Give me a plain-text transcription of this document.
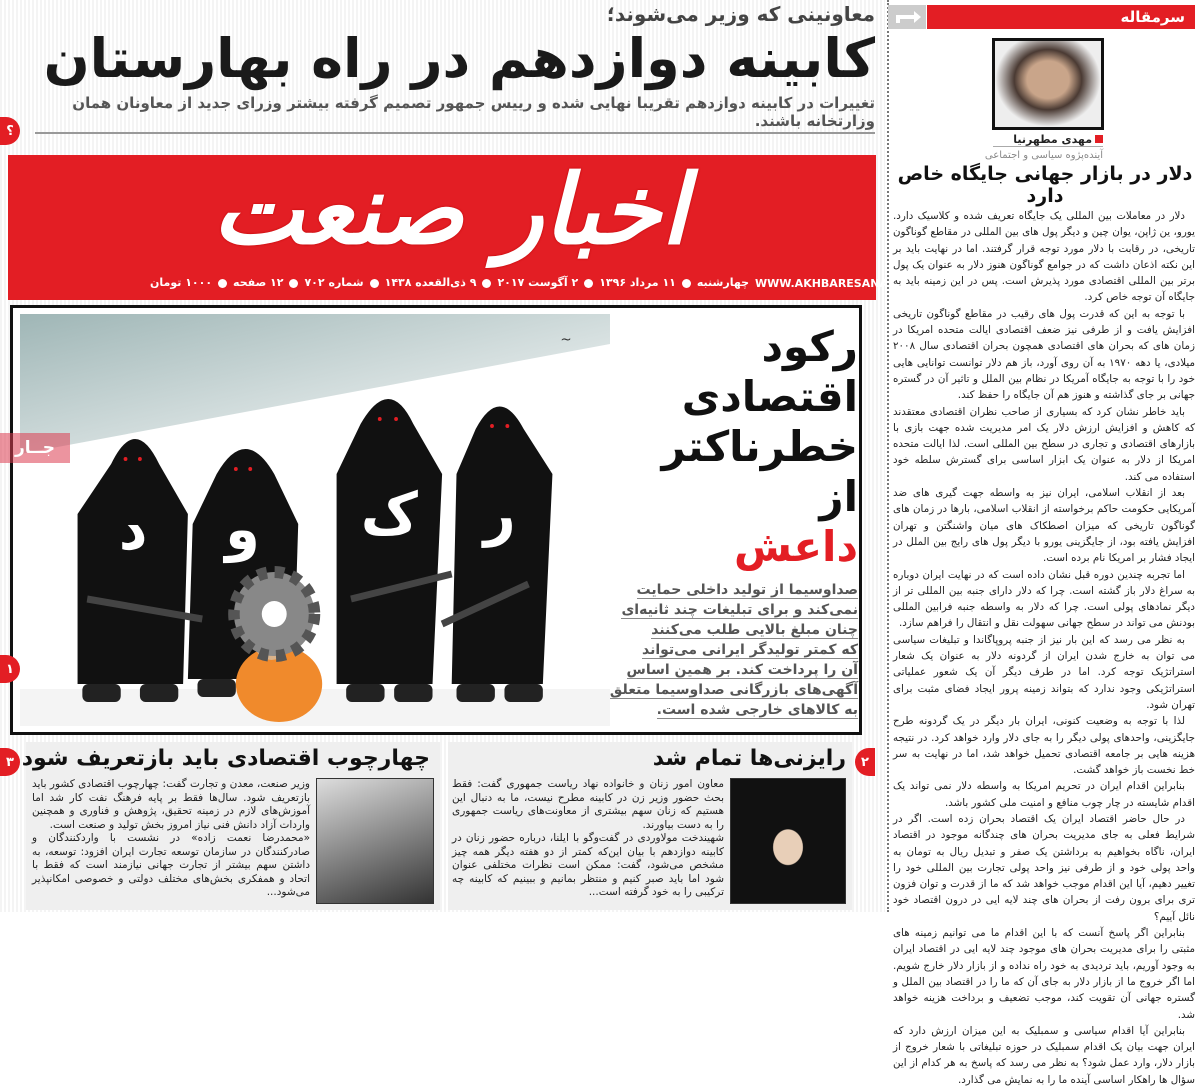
معاونینی که وزیر می‌شوند؛
کابینه دوازدهم در راه بهارستان
تغییرات در کابینه دوازدهم تقریبا نهایی شده و رییس جمهور تصمیم گرفته بیشتر وزرای جدید از معاونان همان وزارتخانه باشند.
؟
اخبار صنعت
WWW.AKHBARESANAT.IR
چهارشنبه
۱۱ مرداد ۱۳۹۶
۲ آگوست ۲۰۱۷
۹ ذی‌القعده ۱۴۳۸
شماره ۷۰۲
۱۲ صفحه
۱۰۰۰ تومان
د و ک ر
~
جــار
۱
رکود اقتصادی خطرناکتر از
داعش
صداوسیما از تولید داخلی حمایت
نمی‌کند و برای تبلیغات چند ثانیه‌ای
چنان مبلغ بالایی طلب می‌کنند
که کمتر تولیدگر ایرانی می‌تواند
آن را پرداخت کند. بر همین اساس
آگهی‌های بازرگانی صداوسیما متعلق
به کالاهای خارجی شده است.
چهارچوب اقتصادی باید بازتعریف شود

وزیر صنعت، معدن و تجارت گفت: چهارچوب اقتصادی کشور باید بازتعریف شود. سال‌ها فقط بر پایه فرهنگ نفت کار شد اما آموزش‌های لازم در زمینه تحقیق، پژوهش و فناوری و همچنین واردات آزاد دانش فنی نیاز امروز بخش تولید و صنعت است.

«محمدرضا نعمت زاده» در نشست با واردکنندگان و صادرکنندگان در سازمان توسعه تجارت ایران افزود: توسعه، به داشتن سهم بیشتر از تجارت جهانی نیازمند است که فقط با اتحاد و همفکری بخش‌های مختلف دولتی و خصوصی امکانپذیر می‌شود...

۳	رایزنی‌ها تمام شد

معاون امور زنان و خانواده نهاد ریاست جمهوری گفت: فقط بحث حضور وزیر زن در کابینه مطرح نیست، ما به دنبال این هستیم که زنان سهم بیشتری از معاونت‌های ریاست جمهوری را به دست بیاورند.

شهیندخت مولاوردی در گفت‌وگو با ایلنا، درباره حضور زنان در کابینه دوازدهم با بیان این‌که کمتر از دو هفته دیگر همه چیز مشخص می‌شود، گفت: ممکن است نظرات مختلفی عنوان شود اما باید صبر کنیم و منتظر بمانیم و ببینیم که کابینه چه ترکیبی را به خود گرفته است...

۲
سرمقاله
مهدی مطهرنیا
آینده‌پژوه سیاسی و اجتماعی
دلار در بازار جهانی جایگاه خاص دارد

دلار در معاملات بین المللی یک جایگاه تعریف شده و کلاسیک دارد. یورو، ین ژاپن، یوان چین و دیگر پول های بین المللی در مقاطع گوناگون تاریخی، در رقابت با دلار مورد توجه قرار گرفتند. اما در نهایت باید بر این نکته اذعان داشت که در جوامع گوناگون هنوز دلار به عنوان یک پول برتر بین المللی اقتصادی مورد پذیرش است. پس در این زمینه باید به جایگاه آن توجه خاص کرد.

با توجه به این که قدرت پول های رقیب در مقاطع گوناگون تاریخی افزایش یافت و از طرفی نیز ضعف اقتصادی ایالت متحده امریکا در زمان های که بحران های اقتصادی همچون بحران اقتصادی سال ۲۰۰۸ میلادی، یا دهه ۱۹۷۰ به آن روی آورد، باز هم دلار توانست توانایی هایی خود را با توجه به جایگاه آمریکا در نظام بین الملل و تاثیر آن در گستره جهانی بر جای گذاشته و هنوز هم آن جایگاه را حفظ کند.

باید خاطر نشان کرد که بسیاری از صاحب نظران اقتصادی معتقدند که کاهش و افزایش ارزش دلار یک امر مدیریت شده جهت بازی با بازارهای اقتصادی و تجاری در سطح بین المللی است. لذا ایالت متحده امریکا از دلار به عنوان یک ابزار اساسی برای گسترش سلطه خود استفاده می کند.

بعد از انقلاب اسلامی، ایران نیز به واسطه جهت گیری های ضد آمریکایی حکومت حاکم برخواسته از انقلاب اسلامی، بارها در زمان های گوناگون تاریخی که میزان اصطکاک های میان واشنگتن و تهران افزایش یافته بود، از جایگزینی یورو با دیگر پول های رایج بین الملل در ایجاد فشار بر امریکا نام برده است.

اما تجربه چندین دوره قبل نشان داده است که در نهایت ایران دوباره به سراغ دلار باز گشته است. چرا که دلار دارای جنبه بین المللی تر از دیگر نمادهای پولی است. چرا که دلار به واسطه جنبه فرابین المللی بودنش می تواند در سطح جهانی سهولت نقل و انتقال را فراهم سازد.

به نظر می رسد که این بار نیز از جنبه پروپاگاندا و تبلیغات سیاسی می توان به خارج شدن ایران از گردونه دلار به عنوان یک شعار استراتژیک توجه کرد. اما در طرف دیگر آن یک شعور عملیاتی استراتژیکی وجود ندارد که بتواند زمینه پرور ایجاد فضای مثبت برای تهران شود.

لذا با توجه به وضعیت کنونی، ایران بار دیگر در یک گردونه طرح جایگزینی، واحدهای پولی دیگر را به جای دلار وارد خواهد کرد. در نتیجه هزینه هایی بر جامعه اقتصادی تحمیل خواهد شد، اما در نهایت به سر خط نخست باز خواهد گشت.

بنابراین اقدام ایران در تحریم امریکا به واسطه دلار نمی تواند یک اقدام شایسته در چار چوب منافع و امنیت ملی کشور باشد.

در حال حاضر اقتصاد ایران یک اقتصاد بحران زده است. اگر در شرایط فعلی به جای مدیریت بحران های چندگانه موجود در اقتصاد ایران، ناگاه بخواهیم به برداشتن یک صفر و تبدیل ریال به تومان به واحد پولی خود و از طرفی نیز واحد پولی تجارت بین المللی خود را تغییر دهیم، آیا این اقدام موجب خواهد شد که ما از قدرت و توان فزون تری برای برون رفت از بحران های چند لایه ایی در درون اقتصاد خود نائل آییم؟

بنابراین اگر پاسخ آنست که با این اقدام ما می توانیم زمینه های مثبتی را برای مدیریت بحران های موجود چند لایه ایی در اقتصاد ایران به وجود آوریم، باید تردیدی به خود راه نداده و از بازار دلار خارج شویم. اما اگر خروج ما از بازار دلار به جای آن که ما را در اقتصاد بین الملل و گستره جهانی آن تقویت کند، موجب تضعیف و برداخت هزینه خواهد شد.

بنابراین آیا اقدام سیاسی و سمبلیک به این میزان ارزش دارد که ایران جهت بیان یک اقدام سمبلیک در حوزه تبلیغاتی با شعار خروج از بازار دلار، وارد عمل شود؟ به نظر می رسد که پاسخ به هر کدام از این سؤال ها راهکار اساسی آینده ما را به نمایش می گذارد.
